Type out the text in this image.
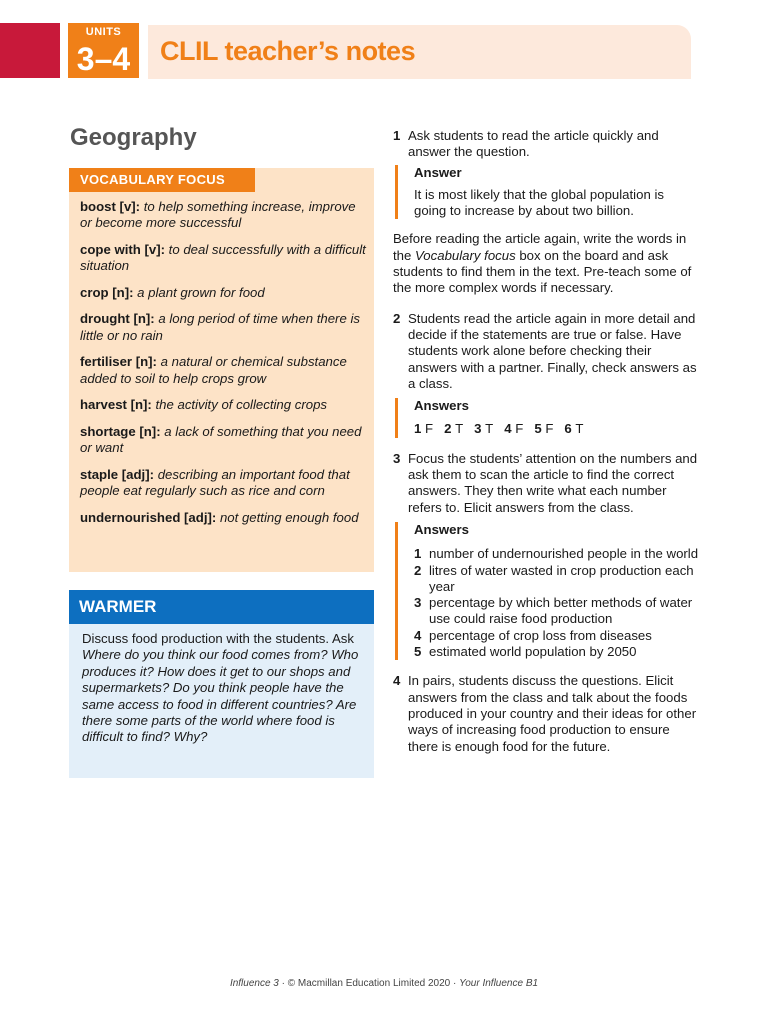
UNITS
3–4	CLIL teacher’s notes
Geography
VOCABULARY FOCUS
boost [v]: to help something increase, improve or become more successful
cope with [v]: to deal successfully with a difficult situation
crop [n]: a plant grown for food
drought [n]: a long period of time when there is little or no rain
fertiliser [n]: a natural or chemical substance added to soil to help crops grow
harvest [n]: the activity of collecting crops
shortage [n]: a lack of something that you need or want
staple [adj]: describing an important food that people eat regularly such as rice and corn
undernourished [adj]: not getting enough food
WARMER

Discuss food production with the students. Ask Where do you think our food comes from? Who produces it? How does it get to our shops and supermarkets? Do you think people have the same access to food in different countries? Are there some parts of the world where food is difficult to find? Why?

1 Ask students to read the article quickly and answer the question.
Answer
It is most likely that the global population is going to increase by about two billion.

Before reading the article again, write the words in the Vocabulary focus box on the board and ask students to find them in the text. Pre-teach some of the more complex words if necessary.

2 Students read the article again in more detail and decide if the statements are true or false. Have students work alone before checking their answers with a partner. Finally, check answers as a class.
Answers
1 F 2 T 3 T 4 F 5 F 6 T
3 Focus the students’ attention on the numbers and ask them to scan the article to find the correct answers. They then write what each number refers to. Elicit answers from the class.
Answers
1 number of undernourished people in the world
2 litres of water wasted in crop production each year
3 percentage by which better methods of water use could raise food production
4 percentage of crop loss from diseases
5 estimated world population by 2050
4 In pairs, students discuss the questions. Elicit answers from the class and talk about the foods produced in your country and their ideas for other ways of increasing food production to ensure there is enough food for the future.
Influence 3 · © Macmillan Education Limited 2020 · Your Influence B1
